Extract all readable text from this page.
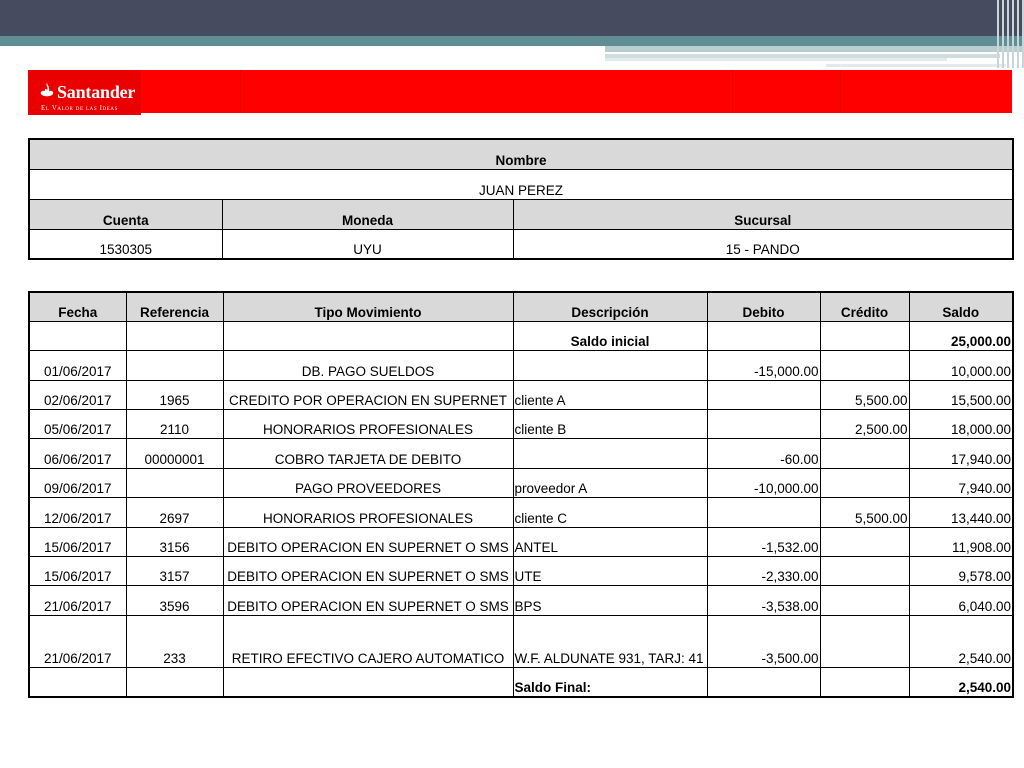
Santander
El Valor de las Ideas
Nombre		
JUAN PEREZ		
Cuenta	Moneda	Sucursal
1530305	UYU	15 - PANDO
Fecha	Referencia	Tipo Movimiento	Descripción	Debito	Crédito	Saldo
			Saldo inicial			25,000.00
01/06/2017		DB. PAGO SUELDOS		-15,000.00		10,000.00
02/06/2017	1965	CREDITO POR OPERACION EN SUPERNET	cliente A		5,500.00	15,500.00
05/06/2017	2110	HONORARIOS PROFESIONALES	cliente B		2,500.00	18,000.00
06/06/2017	00000001	COBRO TARJETA DE DEBITO		-60.00		17,940.00
09/06/2017		PAGO PROVEEDORES	proveedor A	-10,000.00		7,940.00
12/06/2017	2697	HONORARIOS PROFESIONALES	cliente C		5,500.00	13,440.00
15/06/2017	3156	DEBITO OPERACION EN SUPERNET O SMS	ANTEL	-1,532.00		11,908.00
15/06/2017	3157	DEBITO OPERACION EN SUPERNET O SMS	UTE	-2,330.00		9,578.00
21/06/2017	3596	DEBITO OPERACION EN SUPERNET O SMS	BPS	-3,538.00		6,040.00
21/06/2017	233	RETIRO EFECTIVO CAJERO AUTOMATICO	W.F. ALDUNATE 931, TARJ: 41	-3,500.00		2,540.00
			Saldo Final:			2,540.00
